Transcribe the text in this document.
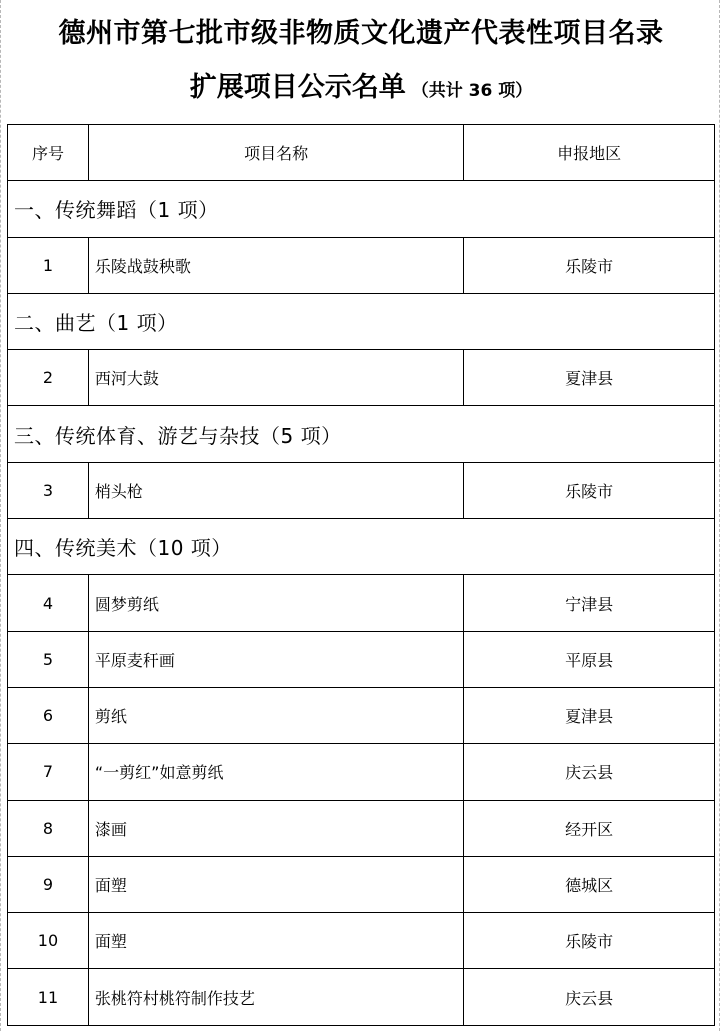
德州市第七批市级非物质文化遗产代表性项目名录
扩展项目公示名单 （共计 36 项）
序号	项目名称	申报地区
一、传统舞蹈（1 项）
1	乐陵战鼓秧歌	乐陵市
二、曲艺（1 项）
2	西河大鼓	夏津县
三、传统体育、游艺与杂技（5 项）
3	梢头枪	乐陵市
四、传统美术（10 项）
4	圆梦剪纸	宁津县
5	平原麦秆画	平原县
6	剪纸	夏津县
7	“一剪红”如意剪纸	庆云县
8	漆画	经开区
9	面塑	德城区
10	面塑	乐陵市
11	张桃符村桃符制作技艺	庆云县
